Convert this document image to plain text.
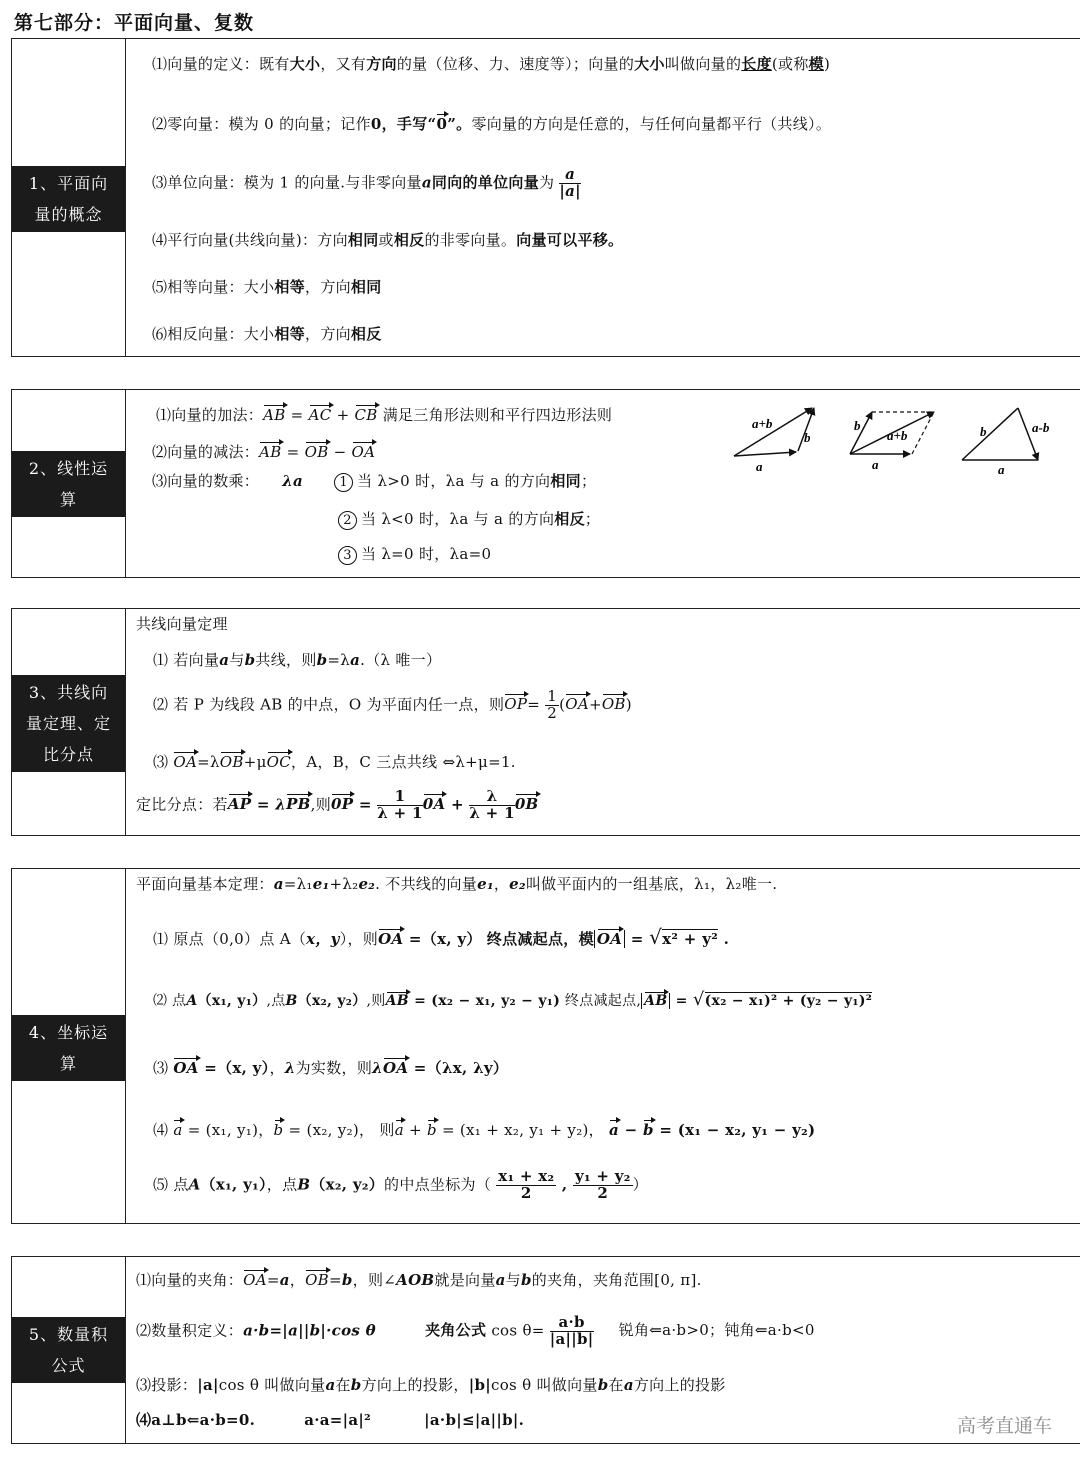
第七部分：平面向量、复数
1、平面向
量的概念
⑴向量的定义：既有大小，又有方向的量（位移、力、速度等）；向量的大小叫做向量的长度(或称模)
⑵零向量：模为 0 的向量；记作0，手写“0”。零向量的方向是任意的，与任何向量都平行（共线）。
⑶单位向量：模为 1 的向量.与非零向量a同向的单位向量为 $\frac{a}{|a|}$
⑷平行向量(共线向量)：方向相同或相反的非零向量。向量可以平移。
⑸相等向量：大小相等，方向相同
⑹相反向量：大小相等，方向相反
2、线性运
算
⑴向量的加法：AB = AC + CB 满足三角形法则和平行四边形法则
⑵向量的减法：AB = OB − OA
⑶向量的数乘： λa	1 当 λ>0 时，λa 与 a 的方向相同；
2 当 λ<0 时，λa 与 a 的方向相反；
3 当 λ=0 时，λa=0
a+b
b
a
b
a+b
a
b	a-b
a
3、共线向
量定理、定
比分点
共线向量定理
⑴ 若向量a与b共线，则b=λa.（λ 唯一）
⑵ 若 P 为线段 AB 的中点，O 为平面内任一点，则$OP= \frac{1}{2} (OA+OB)$
⑶ OA=λOB+μOC，A，B，C 三点共线 ⇔λ+μ=1.
定比分点：若AP = λPB,则$0P = \frac{1}{\lambda + 1} 0A + \frac{\lambda}{\lambda + 1} 0B$
4、坐标运
算
平面向量基本定理：a=λ₁e₁+λ₂e₂. 不共线的向量e₁，e₂叫做平面内的一组基底，λ₁，λ₂唯一.
⑴ 原点（0,0）点 A（x，y），则OA =（x, y） 终点减起点，模 OA = √x² + y² .
⑵ 点A（x₁, y₁）,点B（x₂, y₂）,则AB = (x₂ − x₁, y₂ − y₁) 终点减起点, AB = √(x₂ − x₁)² + (y₂ − y₁)²
⑶ OA =（x, y），λ为实数，则λOA =（λx, λy）
⑷ a = (x₁, y₁)，b = (x₂, y₂)， 则a + b = (x₁ + x₂, y₁ + y₂)， a − b = (x₁ − x₂, y₁ − y₂)
⑸ 点A（x₁, y₁），点B（x₂, y₂）的中点坐标为（ $\frac{\text{x₁ + x₂}}{2}$ , $\frac{\text{y₁ + y₂}}{2}$ ）
5、数量积
公式
⑴向量的夹角：OA=a，OB=b，则∠AOB就是向量a与b的夹角，夹角范围[0, π].
⑵数量积定义：a·b=|a||b|·cos θ	夹角公式 $\cos \theta= \frac{a\cdot b}{|a||b|}$ 锐角⇐a·b>0；钝角⇐a·b<0
⑶投影：|a|cos θ 叫做向量a在b方向上的投影，|b|cos θ 叫做向量b在a方向上的投影
⑷a⊥b⇐a·b=0.	a·a=|a|²	|a·b|≤|a||b|.	高考直通车
